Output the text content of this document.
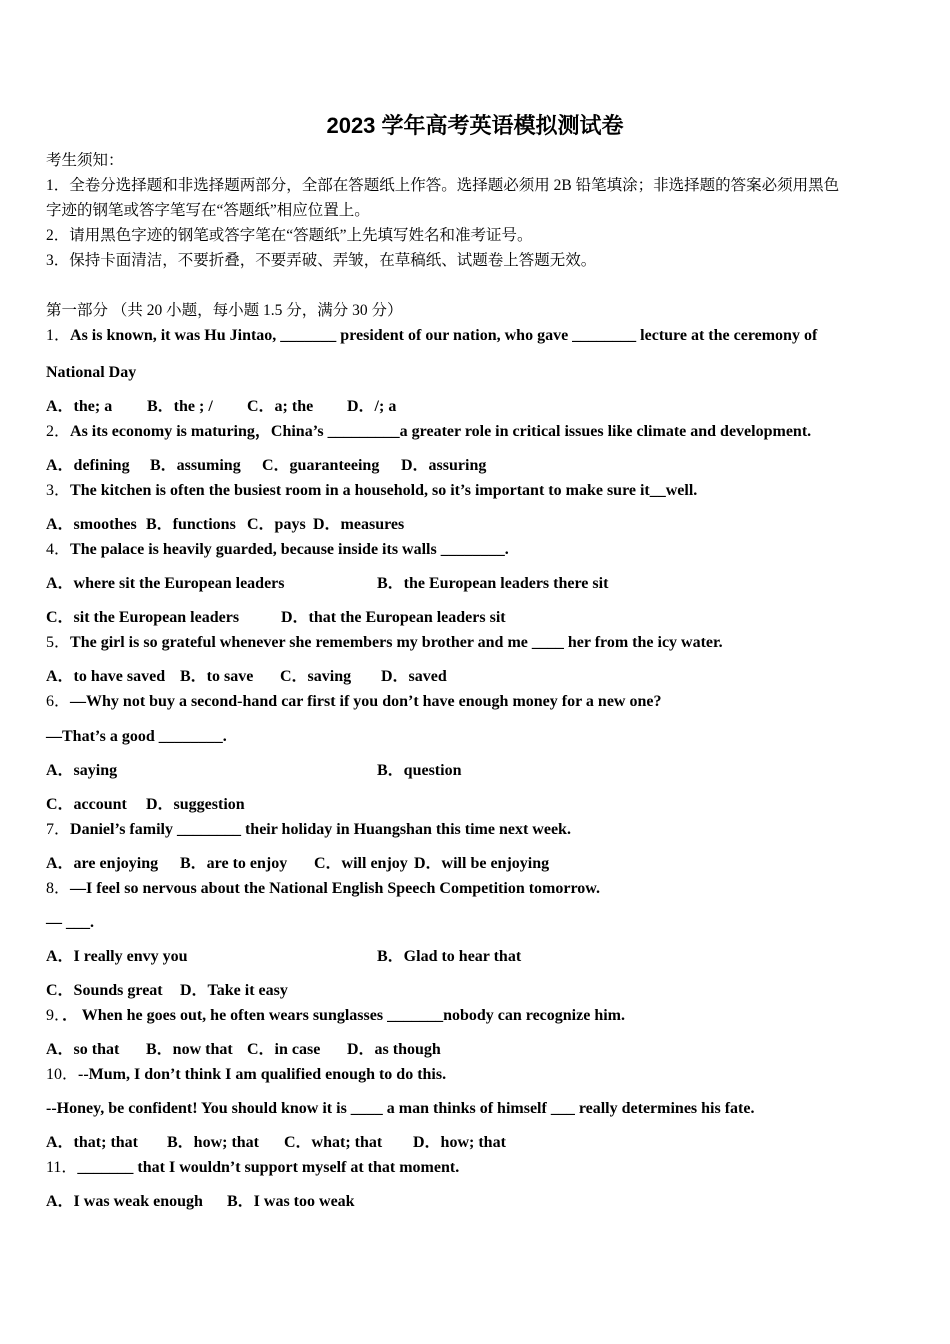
2023 学年高考英语模拟测试卷
考生须知：
1．全卷分选择题和非选择题两部分，全部在答题纸上作答。选择题必须用 2B 铅笔填涂；非选择题的答案必须用黑色
字迹的钢笔或答字笔写在“答题纸”相应位置上。
2．请用黑色字迹的钢笔或答字笔在“答题纸”上先填写姓名和准考证号。
3．保持卡面清洁，不要折叠，不要弄破、弄皱，在草稿纸、试题卷上答题无效。
第一部分 （共 20 小题，每小题 1.5 分，满分 30 分）
1．As is known, it was Hu Jintao, _______ president of our nation, who gave ________ lecture at the ceremony of
National Day
A．the; a B．the ; / C．a; the D．/; a
2．As its economy is maturing，China’s _________a greater role in critical issues like climate and development.
A．defining B．assuming C．guaranteeing D．assuring
3．The kitchen is often the busiest room in a household, so it’s important to make sure it__well.
A．smoothes B．functions C．pays D．measures
4．The palace is heavily guarded, because inside its walls ________.
A．where sit the European leaders	B．the European leaders there sit
C．sit the European leaders	D．that the European leaders sit
5．The girl is so grateful whenever she remembers my brother and me ____ her from the icy water.
A．to have saved B．to save C．saving D．saved
6．—Why not buy a second-hand car first if you don’t have enough money for a new one?
—That’s a good ________.
A．saying	B．question
C．account D．suggestion
7．Daniel’s family ________ their holiday in Huangshan this time next week.
A．are enjoying B．are to enjoy C．will enjoy D．will be enjoying
8．—I feel so nervous about the National English Speech Competition tomorrow.
— ___.
A．I really envy you	B．Glad to hear that
C．Sounds great D．Take it easy
9．． When he goes out, he often wears sunglasses _______nobody can recognize him.
A．so that B．now that C．in case D．as though
10．--Mum, I don’t think I am qualified enough to do this.
--Honey, be confident! You should know it is ____ a man thinks of himself ___ really determines his fate.
A．that; that B．how; that C．what; that D．how; that
11．_______ that I wouldn’t support myself at that moment.
A．I was weak enough B．I was too weak
